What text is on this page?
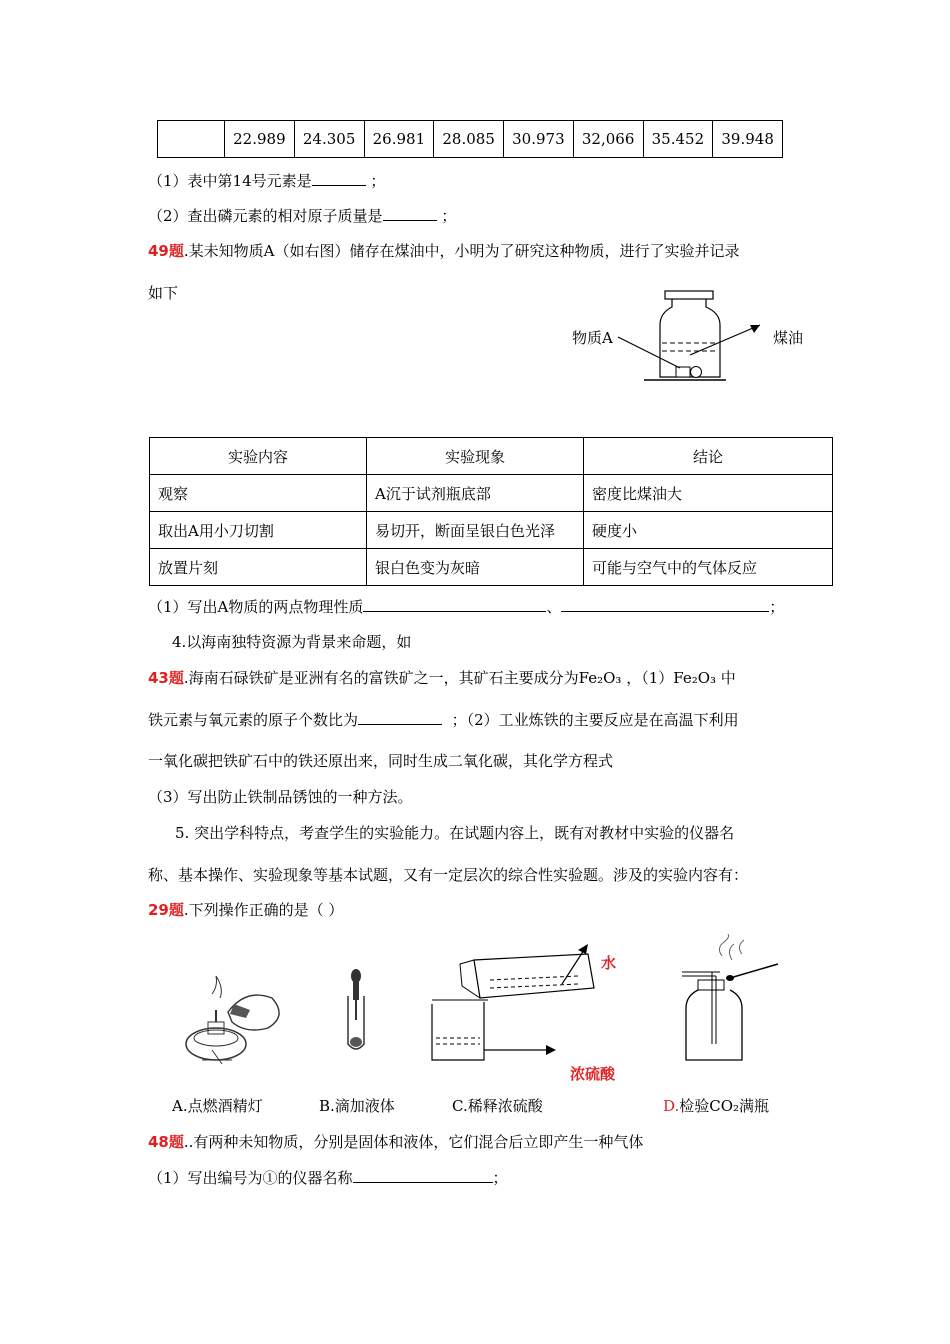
	22.989	24.305	26.981	28.085	30.973	32,066	35.452	39.948
（1）表中第14号元素是	；
（2）查出磷元素的相对原子质量是	；
49题.某未知物质A（如右图）储存在煤油中，小明为了研究这种物质，进行了实验并记录
如下
物质A	煤油
实验内容	实验现象	结论
观察	A沉于试剂瓶底部	密度比煤油大
取出A用小刀切割	易切开，断面呈银白色光泽	硬度小
放置片刻	银白色变为灰暗	可能与空气中的气体反应
（1）写出A物质的两点物理性质	、	；
4.以海南独特资源为背景来命题，如
43题.海南石碌铁矿是亚洲有名的富铁矿之一，其矿石主要成分为Fe₂O₃ ，（1）Fe₂O₃ 中
铁元素与氧元素的原子个数比为	；（2）工业炼铁的主要反应是在高温下利用
一氧化碳把铁矿石中的铁还原出来，同时生成二氧化碳，其化学方程式
（3）写出防止铁制品锈蚀的一种方法。
5. 突出学科特点，考查学生的实验能力。在试题内容上，既有对教材中实验的仪器名
称、基本操作、实验现象等基本试题，又有一定层次的综合性实验题。涉及的实验内容有：
29题.下列操作正确的是（ ）
水
浓硫酸
A.点燃酒精灯	B.滴加液体	C.稀释浓硫酸	D.检验CO₂满瓶
48题..有两种未知物质，分别是固体和液体，它们混合后立即产生一种气体
（1）写出编号为①的仪器名称	；
